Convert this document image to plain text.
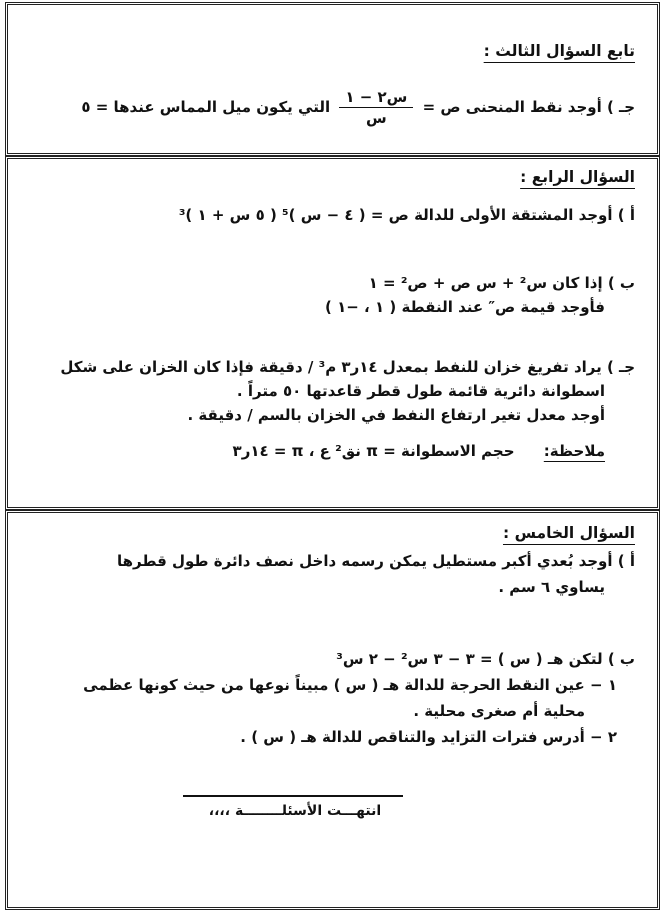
تابع السؤال الثالث :
جـ ) أوجد نقط المنحنى ص =
$\frac{\text{س٢ − ١}}{\text{س}}$
التي يكون ميل المماس عندها = ٥
السؤال الرابع :
أ ) أوجد المشتقة الأولى للدالة ص = ( ٤ − س )⁵ ( ٥ س + ١ )³
ب ) إذا كان س² + س ص + ص² = ١
فأوجد قيمة ص″ عند النقطة ( ١ ، −١ )
جـ ) يراد تفريغ خزان للنفط بمعدل ١٤ر٣ م³ / دقيقة فإذا كان الخزان على شكل
اسطوانة دائرية قائمة طول قطر قاعدتها ٥٠ متراً .
أوجد معدل تغير ارتفاع النفط في الخزان بالسم / دقيقة .
ملاحظة: حجم الاسطوانة = π نق² ع ، π = ١٤ر٣
السؤال الخامس :
أ ) أوجد بُعدي أكبر مستطيل يمكن رسمه داخل نصف دائرة طول قطرها
يساوي ٦ سم .
ب ) لتكن هـ ( س ) = ٣ − ٣ س² − ٢ س³
١ − عين النقط الحرجة للدالة هـ ( س ) مبيناً نوعها من حيث كونها عظمى
محلية أم صغرى محلية .
٢ − أدرس فترات التزايد والتناقص للدالة هـ ( س ) .
انتهـــت الأسئلــــــــة ،،،،
